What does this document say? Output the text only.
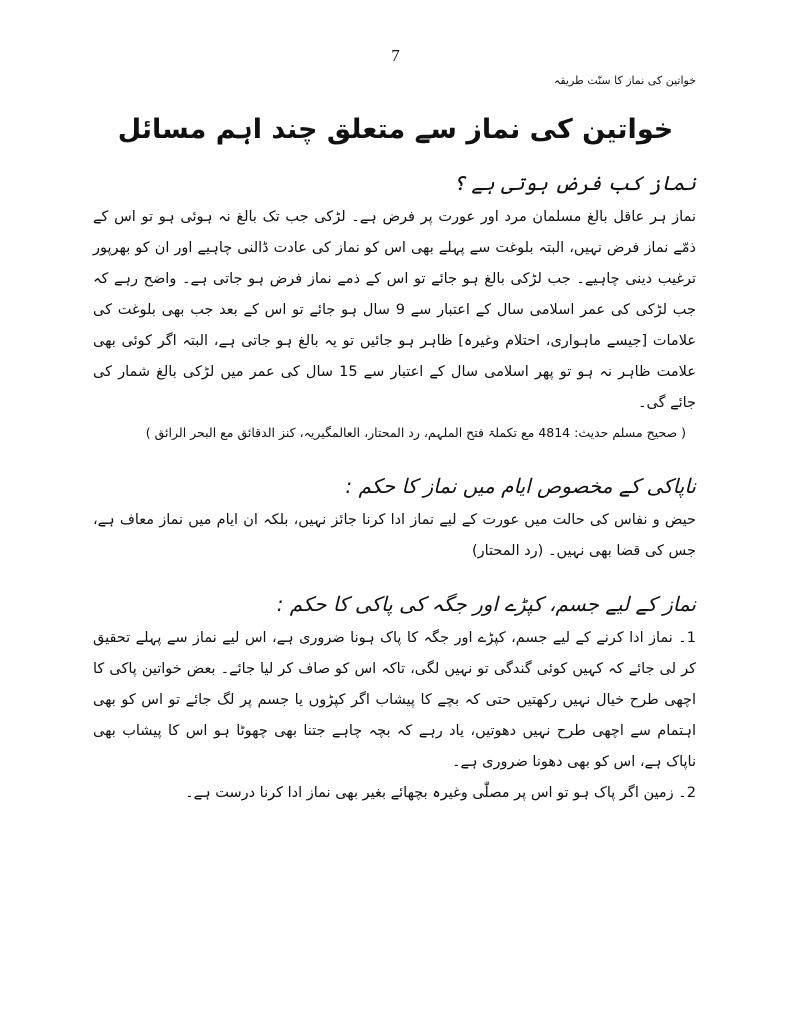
7
خواتین کی نماز کا سنّت طریقہ
خواتین کی نماز سے متعلق چند اہم مسائل
نماز کب فرض ہوتی ہے ؟

نماز ہر عاقل بالغ مسلمان مرد اور عورت پر فرض ہے۔ لڑکی جب تک بالغ نہ ہوئی ہو تو اس کے ذمّے نماز فرض نہیں، البتہ بلوغت سے پہلے بھی اس کو نماز کی عادت ڈالنی چاہیے اور ان کو بھرپور ترغیب دینی چاہیے۔ جب لڑکی بالغ ہو جائے تو اس کے ذمے نماز فرض ہو جاتی ہے۔ واضح رہے کہ جب لڑکی کی عمر اسلامی سال کے اعتبار سے 9 سال ہو جائے تو اس کے بعد جب بھی بلوغت کی علامات [جیسے ماہواری، احتلام وغیرہ] ظاہر ہو جائیں تو یہ بالغ ہو جاتی ہے، البتہ اگر کوئی بھی علامت ظاہر نہ ہو تو پھر اسلامی سال کے اعتبار سے 15 سال کی عمر میں لڑکی بالغ شمار کی جائے گی۔

( صحیح مسلم حدیث: 4814 مع تکملۃ فتح الملہم، رد المحتار، العالمگیریہ، کنز الدقائق مع البحر الرائق )
ناپاکی کے مخصوص ایام میں نماز کا حکم :

حیض و نفاس کی حالت میں عورت کے لیے نماز ادا کرنا جائز نہیں، بلکہ ان ایام میں نماز معاف ہے، جس کی قضا بھی نہیں۔ (رد المحتار)

نماز کے لیے جسم، کپڑے اور جگہ کی پاکی کا حکم :

1۔ نماز ادا کرنے کے لیے جسم، کپڑے اور جگہ کا پاک ہونا ضروری ہے، اس لیے نماز سے پہلے تحقیق کر لی جائے کہ کہیں کوئی گندگی تو نہیں لگی، تاکہ اس کو صاف کر لیا جائے۔ بعض خواتین پاکی کا اچھی طرح خیال نہیں رکھتیں حتی کہ بچے کا پیشاب اگر کپڑوں یا جسم پر لگ جائے تو اس کو بھی اہتمام سے اچھی طرح نہیں دھوتیں، یاد رہے کہ بچہ چاہے جتنا بھی چھوٹا ہو اس کا پیشاب بھی ناپاک ہے، اس کو بھی دھونا ضروری ہے۔

2۔ زمین اگر پاک ہو تو اس پر مصلّٰی وغیرہ بچھائے بغیر بھی نماز ادا کرنا درست ہے۔
